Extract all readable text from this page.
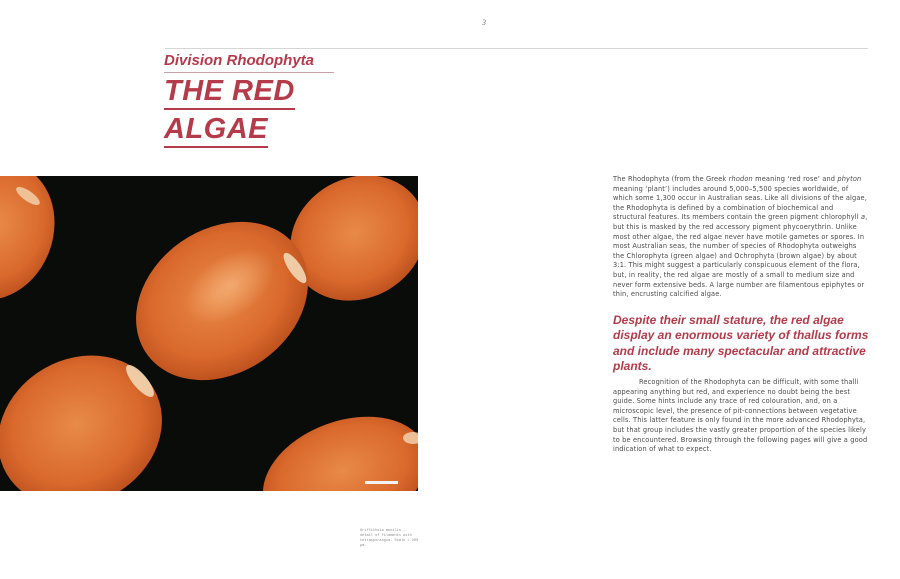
3
Division Rhodophyta
THE RED
ALGAE
Griffithsia monilis – detail of filaments with tetrasporangia. Scale = 200 µm.

The Rhodophyta (from the Greek rhodon meaning ‘red rose’ and phyton meaning ‘plant’) includes around 5,000–5,500 species worldwide, of which some 1,300 occur in Australian seas. Like all divisions of the algae, the Rhodophyta is defined by a combination of biochemical and structural features. Its members contain the green pigment chlorophyll a, but this is masked by the red accessory pigment phycoerythrin. Unlike most other algae, the red algae never have motile gametes or spores. In most Australian seas, the number of species of Rhodophyta outweighs the Chlorophyta (green algae) and Ochrophyta (brown algae) by about 3:1. This might suggest a particularly conspicuous element of the flora, but, in reality, the red algae are mostly of a small to medium size and never form extensive beds. A large number are filamentous epiphytes or thin, encrusting calcified algae.

Despite their small stature, the red algae display an enormous variety of thallus forms and include many spectacular and attractive plants.
Recognition of the Rhodophyta can be difficult, with some thalli appearing anything but red, and experience no doubt being the best guide. Some hints include any trace of red colouration, and, on a microscopic level, the presence of pit-connections between vegetative cells. This latter feature is only found in the more advanced Rhodophyta, but that group includes the vastly greater proportion of the species likely to be encountered. Browsing through the following pages will give a good indication of what to expect.
